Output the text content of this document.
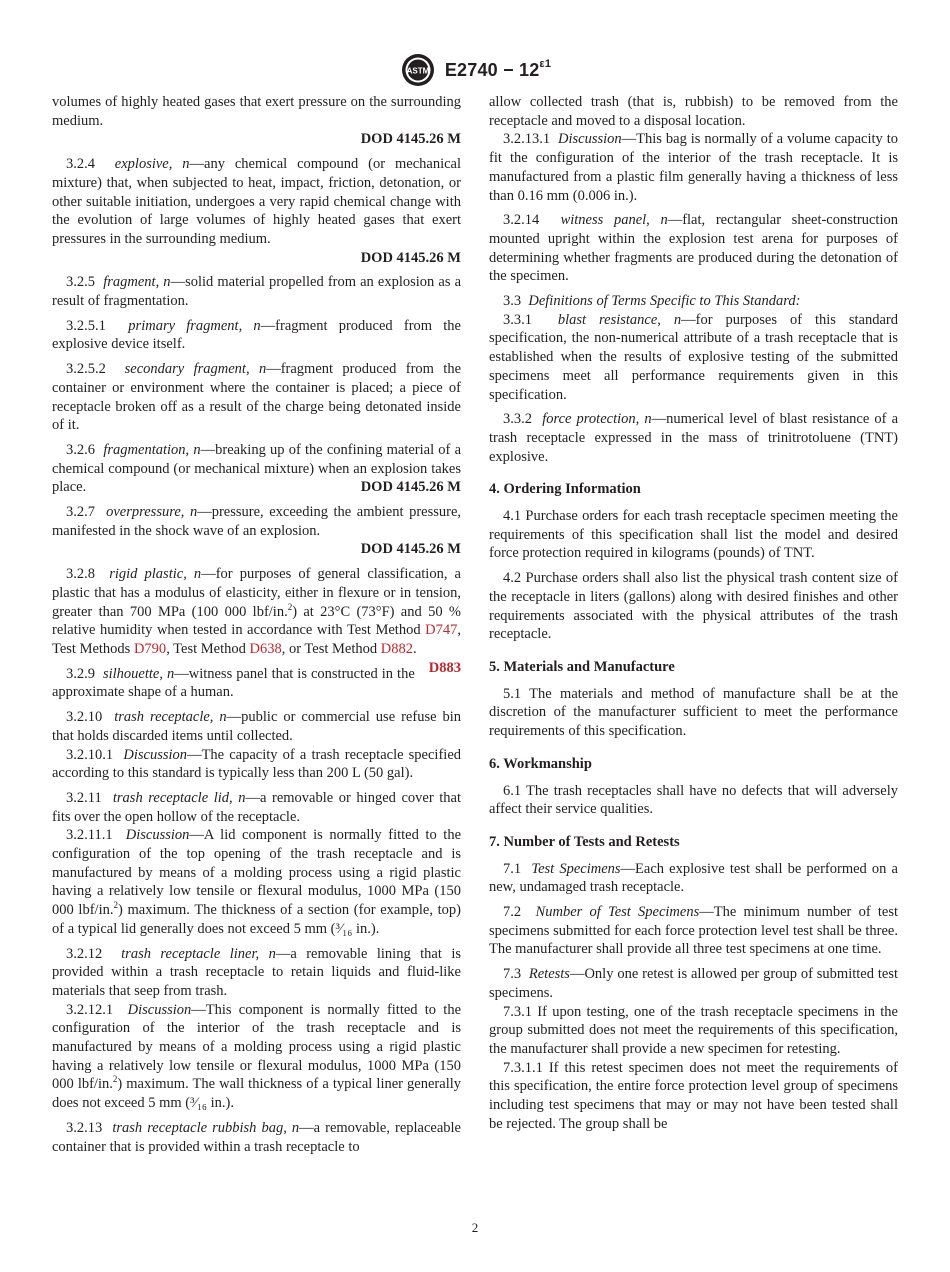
ASTM $E2740 - 12^{\varepsilon 1}$

volumes of highly heated gases that exert pressure on the surrounding medium.

DOD 4145.26 M

3.2.4 explosive, n—any chemical compound (or mechanical mixture) that, when subjected to heat, impact, friction, detonation, or other suitable initiation, undergoes a very rapid chemical change with the evolution of large volumes of highly heated gases that exert pressures in the surrounding medium.

DOD 4145.26 M

3.2.5 fragment, n—solid material propelled from an explosion as a result of fragmentation.

3.2.5.1 primary fragment, n—fragment produced from the explosive device itself.

3.2.5.2 secondary fragment, n—fragment produced from the container or environment where the container is placed; a piece of receptacle broken off as a result of the charge being detonated inside of it.

3.2.6 fragmentation, n—breaking up of the confining material of a chemical compound (or mechanical mixture) when an explosion takes place.	DOD 4145.26 M

3.2.7 overpressure, n—pressure, exceeding the ambient pressure, manifested in the shock wave of an explosion.

DOD 4145.26 M

3.2.8 rigid plastic, n—for purposes of general classification, a plastic that has a modulus of elasticity, either in flexure or in tension, greater than 700 MPa (100 000 lbf/in.$^2$) at 23°C (73°F) and 50 % relative humidity when tested in accordance with Test Method D747, Test Methods D790, Test Method D638, or Test Method D882.
D883

3.2.9 silhouette, n—witness panel that is constructed in the approximate shape of a human.

3.2.10 trash receptacle, n—public or commercial use refuse bin that holds discarded items until collected.

3.2.10.1 Discussion—The capacity of a trash receptacle specified according to this standard is typically less than 200 L (50 gal).

3.2.11 trash receptacle lid, n—a removable or hinged cover that fits over the open hollow of the receptacle.

3.2.11.1 Discussion—A lid component is normally fitted to the configuration of the top opening of the trash receptacle and is manufactured by means of a molding process using a rigid plastic having a relatively low tensile or flexural modulus, 1000 MPa (150 000 lbf/in.$^2$) maximum. The thickness of a section (for example, top) of a typical lid generally does not exceed 5 mm (³⁄₁₆ in.).

3.2.12 trash receptacle liner, n—a removable lining that is provided within a trash receptacle to retain liquids and fluid-like materials that seep from trash.

3.2.12.1 Discussion—This component is normally fitted to the configuration of the interior of the trash receptacle and is manufactured by means of a molding process using a rigid plastic having a relatively low tensile or flexural modulus, 1000 MPa (150 000 lbf/in.$^2$) maximum. The wall thickness of a typical liner generally does not exceed 5 mm (³⁄₁₆ in.).

3.2.13 trash receptacle rubbish bag, n—a removable, replaceable container that is provided within a trash receptacle to

allow collected trash (that is, rubbish) to be removed from the receptacle and moved to a disposal location.

3.2.13.1 Discussion—This bag is normally of a volume capacity to fit the configuration of the interior of the trash receptacle. It is manufactured from a plastic film generally having a thickness of less than 0.16 mm (0.006 in.).

3.2.14 witness panel, n—flat, rectangular sheet-construction mounted upright within the explosion test arena for purposes of determining whether fragments are produced during the detonation of the specimen.

3.3 Definitions of Terms Specific to This Standard:

3.3.1 blast resistance, n—for purposes of this standard specification, the non-numerical attribute of a trash receptacle that is established when the results of explosive testing of the submitted specimens meet all performance requirements given in this specification.

3.3.2 force protection, n—numerical level of blast resistance of a trash receptacle expressed in the mass of trinitrotoluene (TNT) explosive.

4. Ordering Information

4.1 Purchase orders for each trash receptacle specimen meeting the requirements of this specification shall list the model and desired force protection required in kilograms (pounds) of TNT.

4.2 Purchase orders shall also list the physical trash content size of the receptacle in liters (gallons) along with desired finishes and other requirements associated with the physical attributes of the trash receptacle.

5. Materials and Manufacture

5.1 The materials and method of manufacture shall be at the discretion of the manufacturer sufficient to meet the performance requirements of this specification.

6. Workmanship

6.1 The trash receptacles shall have no defects that will adversely affect their service qualities.

7. Number of Tests and Retests

7.1 Test Specimens—Each explosive test shall be performed on a new, undamaged trash receptacle.

7.2 Number of Test Specimens—The minimum number of test specimens submitted for each force protection level test shall be three. The manufacturer shall provide all three test specimens at one time.

7.3 Retests—Only one retest is allowed per group of submitted test specimens.

7.3.1 If upon testing, one of the trash receptacle specimens in the group submitted does not meet the requirements of this specification, the manufacturer shall provide a new specimen for retesting.

7.3.1.1 If this retest specimen does not meet the requirements of this specification, the entire force protection level group of specimens including test specimens that may or may not have been tested shall be rejected. The group shall be

2
